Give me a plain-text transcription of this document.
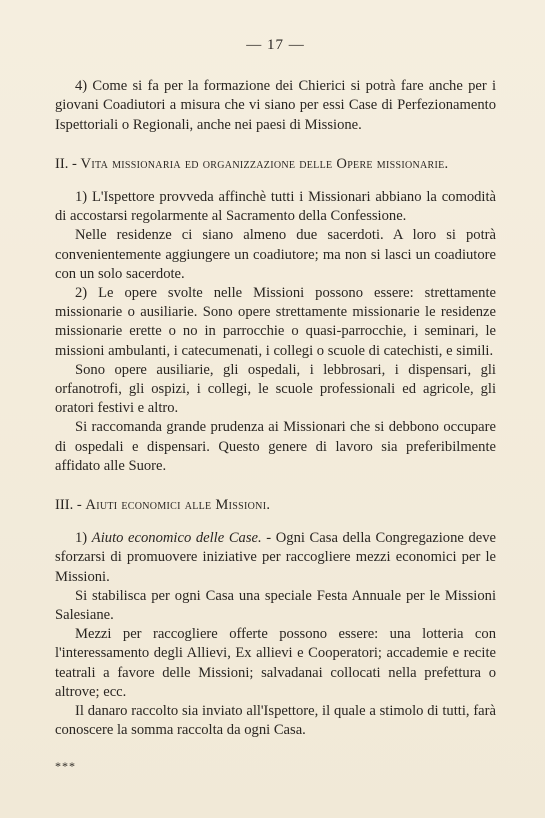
— 17 —

4) Come si fa per la formazione dei Chierici si potrà fare anche per i giovani Coadiutori a misura che vi siano per essi Case di Perfezionamento Ispettoriali o Regionali, anche nei paesi di Missione.

II. - Vita missionaria ed organizzazione delle Opere missionarie.

1) L'Ispettore provveda affinchè tutti i Missionari abbiano la comodità di accostarsi regolarmente al Sacramento della Confessione.

Nelle residenze ci siano almeno due sacerdoti. A loro si potrà convenientemente aggiungere un coadiutore; ma non si lasci un coadiutore con un solo sacerdote.

2) Le opere svolte nelle Missioni possono essere: strettamente missionarie o ausiliarie. Sono opere strettamente missionarie le residenze missionarie erette o no in parrocchie o quasi-parrocchie, i seminari, le missioni ambulanti, i catecumenati, i collegi o scuole di catechisti, e simili.

Sono opere ausiliarie, gli ospedali, i lebbrosari, i dispensari, gli orfanotrofi, gli ospizi, i collegi, le scuole professionali ed agricole, gli oratori festivi e altro.

Si raccomanda grande prudenza ai Missionari che si debbono occupare di ospedali e dispensari. Questo genere di lavoro sia preferibilmente affidato alle Suore.

III. - Aiuti economici alle Missioni.

1) Aiuto economico delle Case. - Ogni Casa della Congregazione deve sforzarsi di promuovere iniziative per raccogliere mezzi economici per le Missioni.

Si stabilisca per ogni Casa una speciale Festa Annuale per le Missioni Salesiane.

Mezzi per raccogliere offerte possono essere: una lotteria con l'interessamento degli Allievi, Ex allievi e Cooperatori; accademie e recite teatrali a favore delle Missioni; salvadanai collocati nella prefettura o altrove; ecc.

Il danaro raccolto sia inviato all'Ispettore, il quale a stimolo di tutti, farà conoscere la somma raccolta da ogni Casa.

***
